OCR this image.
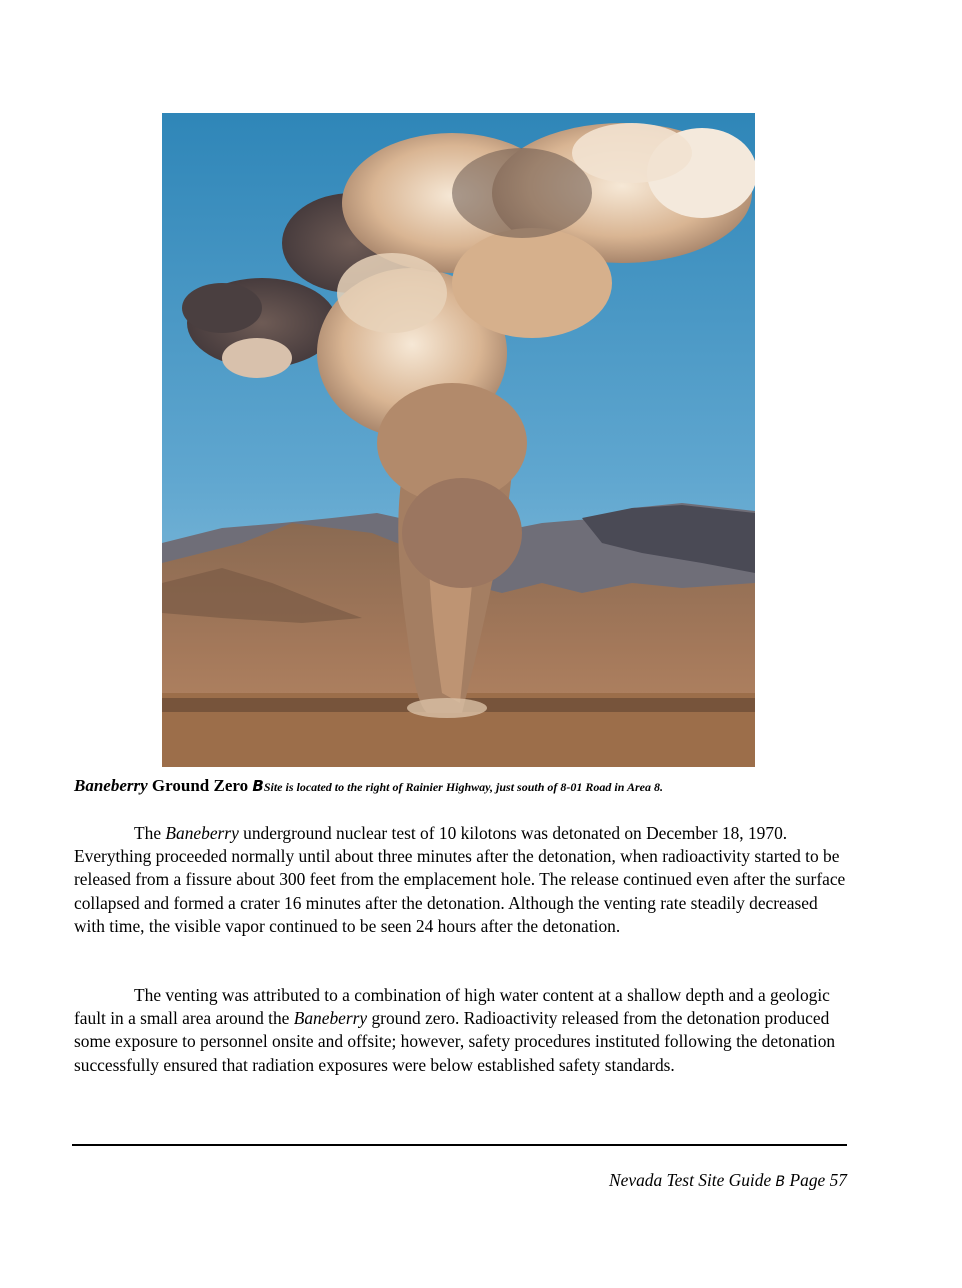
Baneberry Ground Zero BSite is located to the right of Rainier Highway, just south of 8-01 Road in Area 8.

The Baneberry underground nuclear test of 10 kilotons was detonated on December 18, 1970. Everything proceeded normally until about three minutes after the detonation, when radioactivity started to be released from a fissure about 300 feet from the emplacement hole. The release continued even after the surface collapsed and formed a crater 16 minutes after the detonation. Although the venting rate steadily decreased with time, the visible vapor continued to be seen 24 hours after the detonation.

The venting was attributed to a combination of high water content at a shallow depth and a geologic fault in a small area around the Baneberry ground zero. Radioactivity released from the detonation produced some exposure to personnel onsite and offsite; however, safety procedures instituted following the detonation successfully ensured that radiation exposures were below established safety standards.

Nevada Test Site Guide B Page 57
